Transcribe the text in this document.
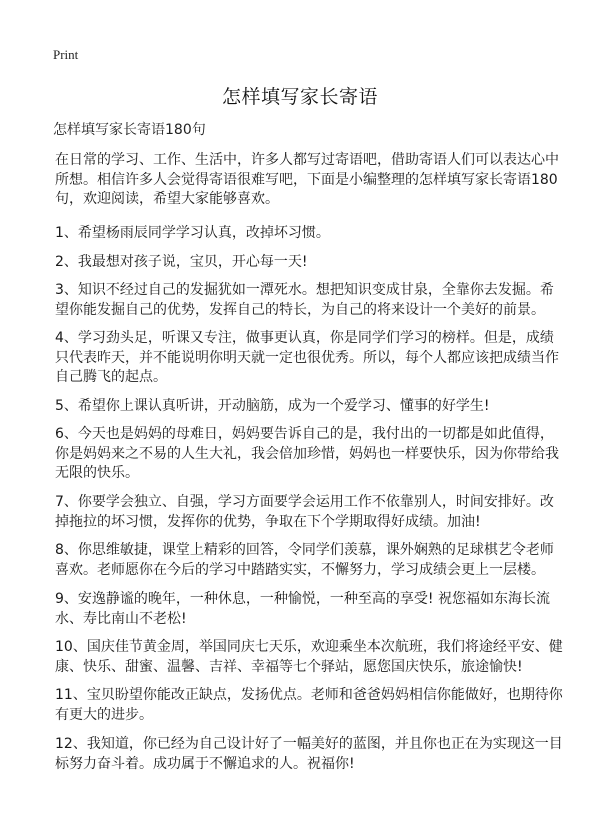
Print
怎样填写家长寄语
怎样填写家长寄语180句
在日常的学习、工作、生活中，许多人都写过寄语吧，借助寄语人们可以表达心中
所想。相信许多人会觉得寄语很难写吧，下面是小编整理的怎样填写家长寄语180
句，欢迎阅读，希望大家能够喜欢。
1、希望杨雨辰同学学习认真，改掉坏习惯。
2、我最想对孩子说，宝贝，开心每一天!
3、知识不经过自己的发掘犹如一潭死水。想把知识变成甘泉，全靠你去发掘。希
望你能发掘自己的优势，发挥自己的特长，为自己的将来设计一个美好的前景。
4、学习劲头足，听课又专注，做事更认真，你是同学们学习的榜样。但是，成绩
只代表昨天，并不能说明你明天就一定也很优秀。所以，每个人都应该把成绩当作
自己腾飞的起点。
5、希望你上课认真听讲，开动脑筋，成为一个爱学习、懂事的好学生!
6、今天也是妈妈的母难日，妈妈要告诉自己的是，我付出的一切都是如此值得，
你是妈妈来之不易的人生大礼，我会倍加珍惜，妈妈也一样要快乐，因为你带给我
无限的快乐。
7、你要学会独立、自强，学习方面要学会运用工作不依靠别人，时间安排好。改
掉拖拉的坏习惯，发挥你的优势，争取在下个学期取得好成绩。加油!
8、你思维敏捷，课堂上精彩的回答，令同学们羡慕，课外娴熟的足球棋艺令老师
喜欢。老师愿你在今后的学习中踏踏实实，不懈努力，学习成绩会更上一层楼。
9、安逸静谧的晚年，一种休息，一种愉悦，一种至高的享受! 祝您福如东海长流
水、寿比南山不老松!
10、国庆佳节黄金周，举国同庆七天乐，欢迎乘坐本次航班，我们将途经平安、健
康、快乐、甜蜜、温馨、吉祥、幸福等七个驿站，愿您国庆快乐，旅途愉快!
11、宝贝盼望你能改正缺点，发扬优点。老师和爸爸妈妈相信你能做好，也期待你
有更大的进步。
12、我知道，你已经为自己设计好了一幅美好的蓝图，并且你也正在为实现这一目
标努力奋斗着。成功属于不懈追求的人。祝福你!
